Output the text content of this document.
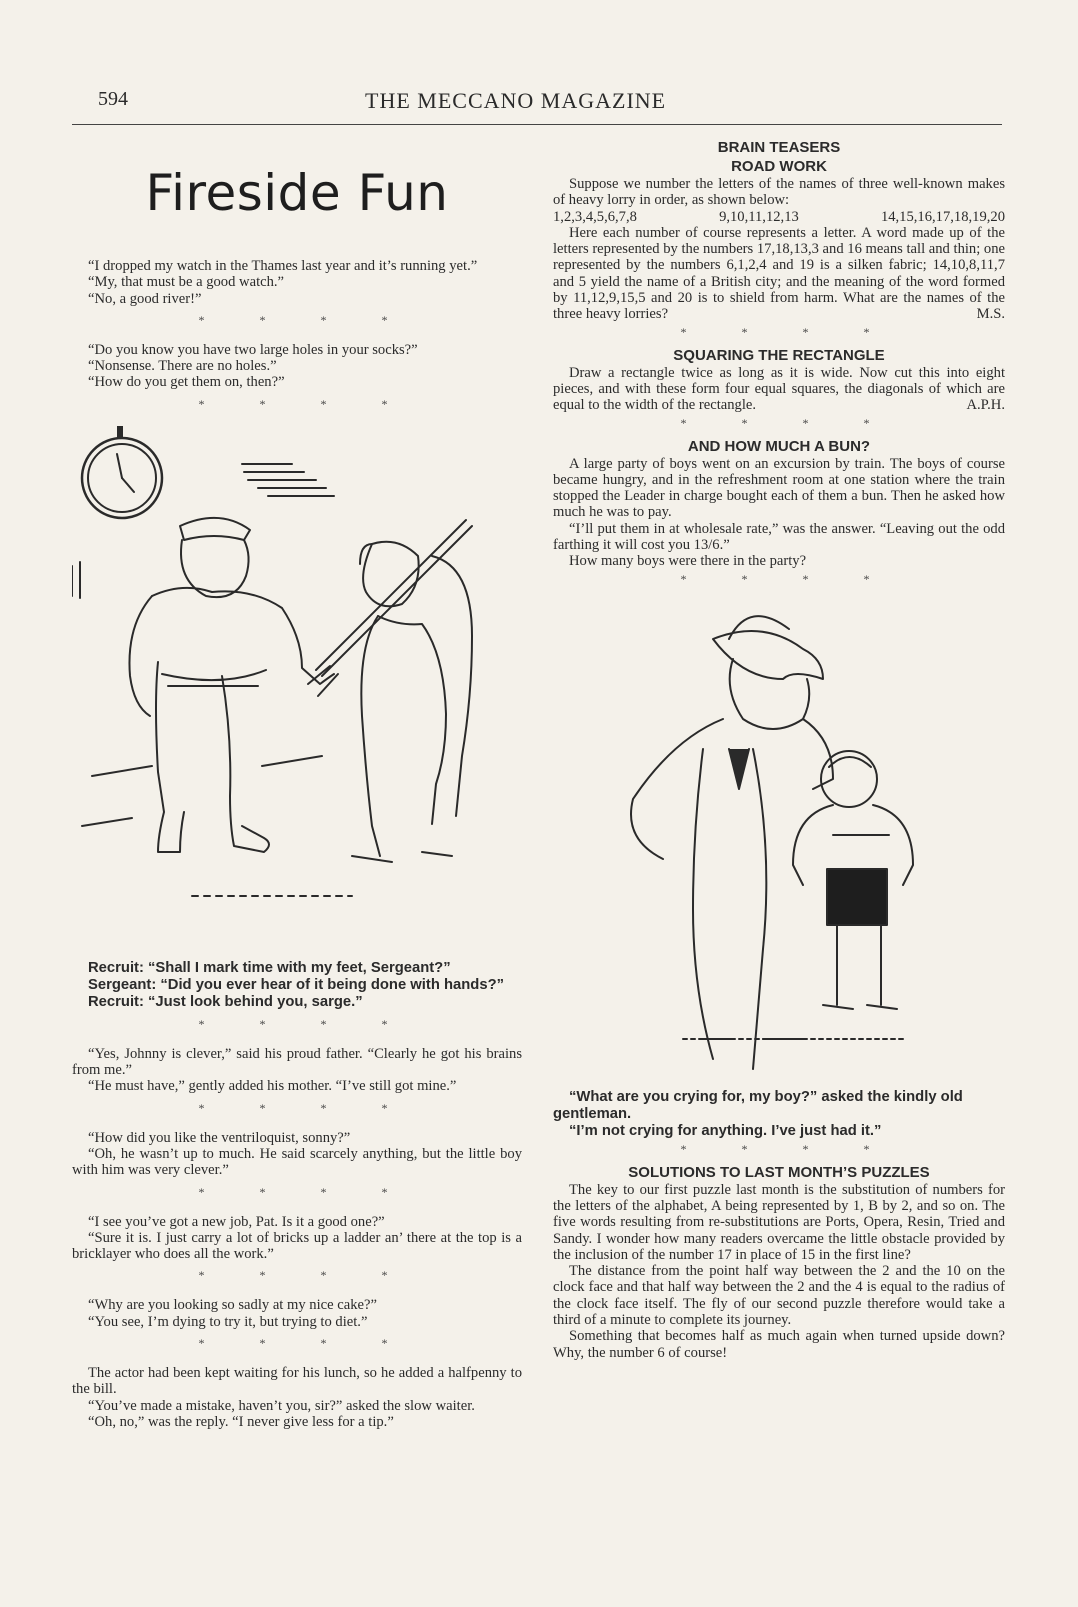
594	THE MECCANO MAGAZINE
Fireside Fun

“I dropped my watch in the Thames last year and it’s running yet.”

“My, that must be a good watch.”

“No, a good river!”

* * * *

“Do you know you have two large holes in your socks?”

“Nonsense. There are no holes.”

“How do you get them on, then?”

* * * *
Recruit: “Shall I mark time with my feet, Sergeant?”
Sergeant: “Did you ever hear of it being done with hands?”
Recruit: “Just look behind you, sarge.”
* * * *

“Yes, Johnny is clever,” said his proud father. “Clearly he got his brains from me.”

“He must have,” gently added his mother. “I’ve still got mine.”

* * * *

“How did you like the ventriloquist, sonny?”

“Oh, he wasn’t up to much. He said scarcely anything, but the little boy with him was very clever.”

* * * *

“I see you’ve got a new job, Pat. Is it a good one?”

“Sure it is. I just carry a lot of bricks up a ladder an’ there at the top is a bricklayer who does all the work.”

* * * *

“Why are you looking so sadly at my nice cake?”

“You see, I’m dying to try it, but trying to diet.”

* * * *

The actor had been kept waiting for his lunch, so he added a halfpenny to the bill.

“You’ve made a mistake, haven’t you, sir?” asked the slow waiter.

“Oh, no,” was the reply. “I never give less for a tip.”

BRAIN TEASERS
ROAD WORK

Suppose we number the letters of the names of three well-known makes of heavy lorry in order, as shown below:

1,2,3,4,5,6,7,8	9,10,11,12,13	14,15,16,17,18,19,20

Here each number of course represents a letter. A word made up of the letters represented by the numbers 17,18,13,3 and 16 means tall and thin; one represented by the numbers 6,1,2,4 and 19 is a silken fabric; 14,10,8,11,7 and 5 yield the name of a British city; and the meaning of the word formed by 11,12,9,15,5 and 20 is to shield from harm. What are the names of the three heavy lorries?	M.S.

* * * *
SQUARING THE RECTANGLE

Draw a rectangle twice as long as it is wide. Now cut this into eight pieces, and with these form four equal squares, the diagonals of which are equal to the width of the rectangle.	A.P.H.

* * * *
AND HOW MUCH A BUN?

A large party of boys went on an excursion by train. The boys of course became hungry, and in the refreshment room at one station where the train stopped the Leader in charge bought each of them a bun. Then he asked how much he was to pay.

“I’ll put them in at wholesale rate,” was the answer. “Leaving out the odd farthing it will cost you 13/6.”

How many boys were there in the party?

* * * *
“What are you crying for, my boy?” asked the kindly old gentleman.
“I’m not crying for anything. I’ve just had it.”
* * * *
SOLUTIONS TO LAST MONTH’S PUZZLES

The key to our first puzzle last month is the substitution of numbers for the letters of the alphabet, A being represented by 1, B by 2, and so on. The five words resulting from re-substitutions are Ports, Opera, Resin, Tried and Sandy. I wonder how many readers overcame the little obstacle provided by the inclusion of the number 17 in place of 15 in the first line?

The distance from the point half way between the 2 and the 10 on the clock face and that half way between the 2 and the 4 is equal to the radius of the clock face itself. The fly of our second puzzle therefore would take a third of a minute to complete its journey.

Something that becomes half as much again when turned upside down? Why, the number 6 of course!
